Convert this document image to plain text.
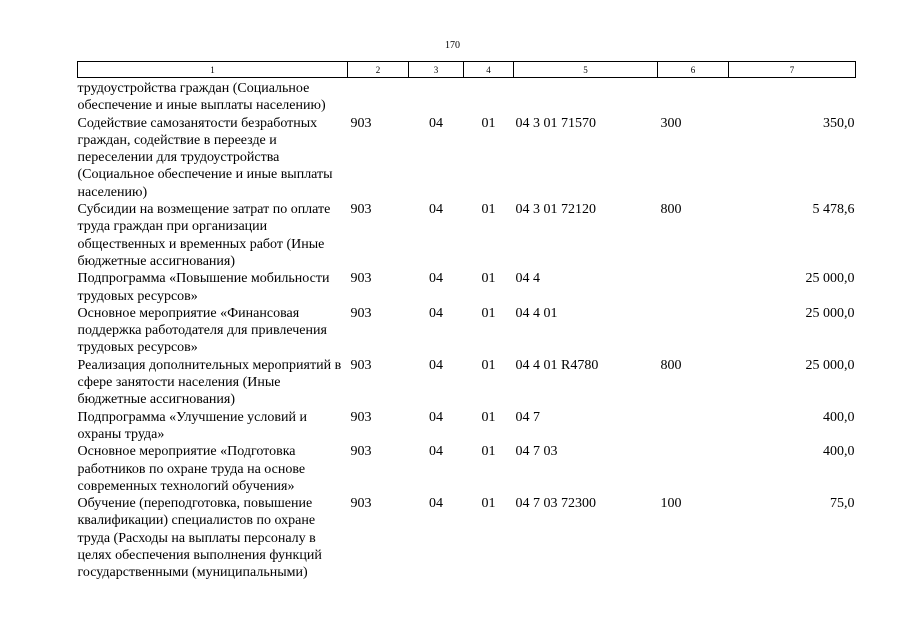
170
1	2	3	4	5	6	7
трудоустройства граждан (Социальное обеспечение и иные выплаты населению)						
Содействие самозанятости безработных граждан, содействие в переезде и переселении для трудоустройства (Социальное обеспечение и иные выплаты населению)	903	04	01	04 3 01 71570	300	350,0
Субсидии на возмещение затрат по оплате труда граждан при организации общественных и временных работ (Иные бюджетные ассигнования)	903	04	01	04 3 01 72120	800	5 478,6
Подпрограмма «Повышение мобильности трудовых ресурсов»	903	04	01	04 4		25 000,0
Основное мероприятие «Финансовая поддержка работодателя для привлечения трудовых ресурсов»	903	04	01	04 4 01		25 000,0
Реализация дополнительных мероприятий в сфере занятости населения (Иные бюджетные ассигнования)	903	04	01	04 4 01 R4780	800	25 000,0
Подпрограмма «Улучшение условий и охраны труда»	903	04	01	04 7		400,0
Основное мероприятие «Подготовка работников по охране труда на основе современных технологий обучения»	903	04	01	04 7 03		400,0
Обучение (переподготовка, повышение квалификации) специалистов по охране труда (Расходы на выплаты персоналу в целях обеспечения выполнения функций государственными (муниципальными)	903	04	01	04 7 03 72300	100	75,0
